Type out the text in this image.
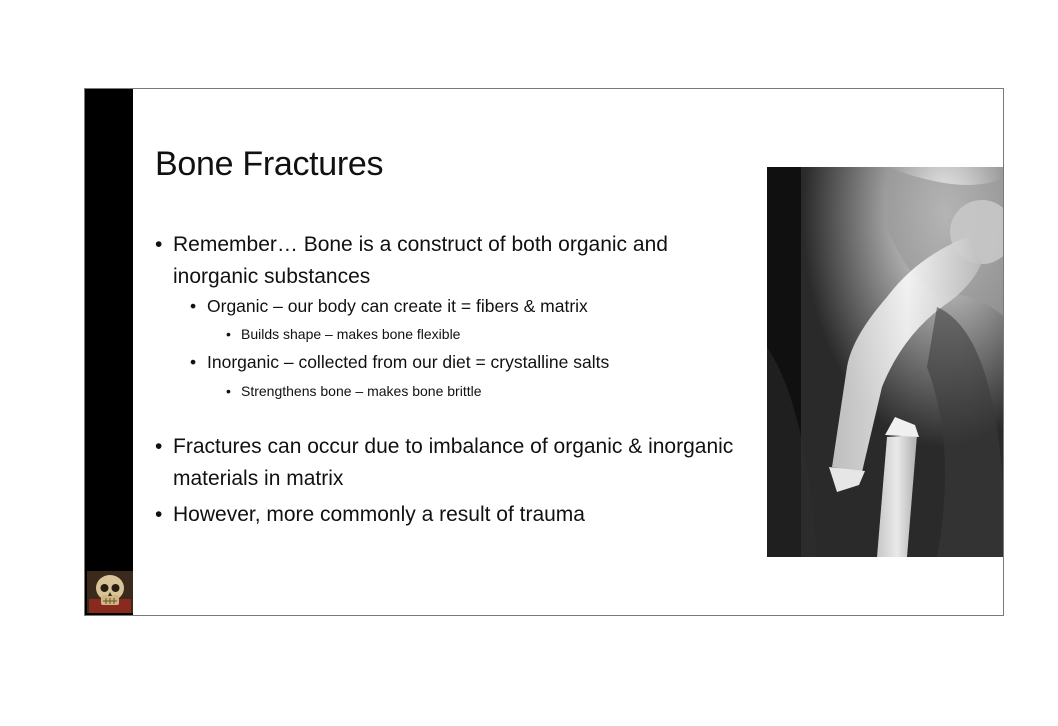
Bone Fractures
• Remember… Bone is a construct of both organic and inorganic substances
• Organic – our body can create it = fibers & matrix
• Builds shape – makes bone flexible
• Inorganic – collected from our diet = crystalline salts
• Strengthens bone – makes bone brittle
• Fractures can occur due to imbalance of organic & inorganic materials in matrix
• However, more commonly a result of trauma
